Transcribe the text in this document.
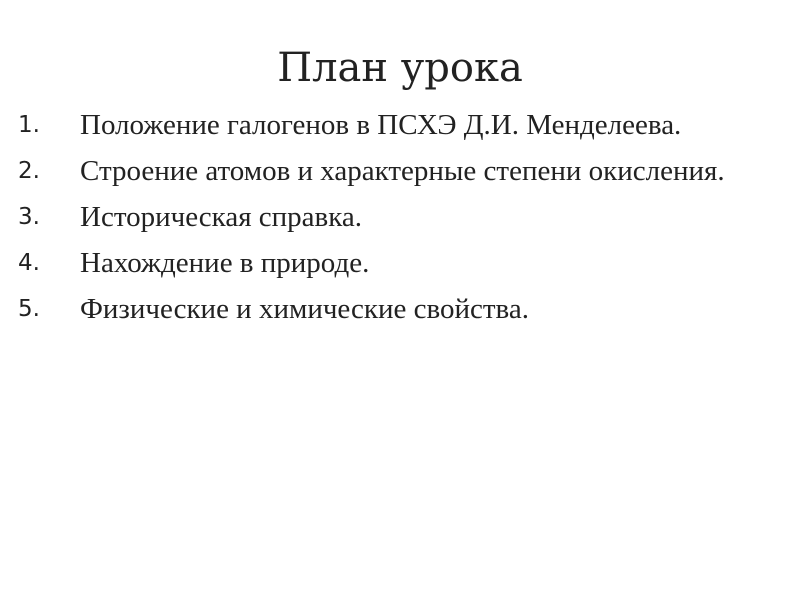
План урока
1.	Положение галогенов в ПСХЭ Д.И. Менделеева.
2.	Строение атомов и характерные степени окисления.
3.	Историческая справка.
4.	Нахождение в природе.
5.	Физические и химические свойства.
